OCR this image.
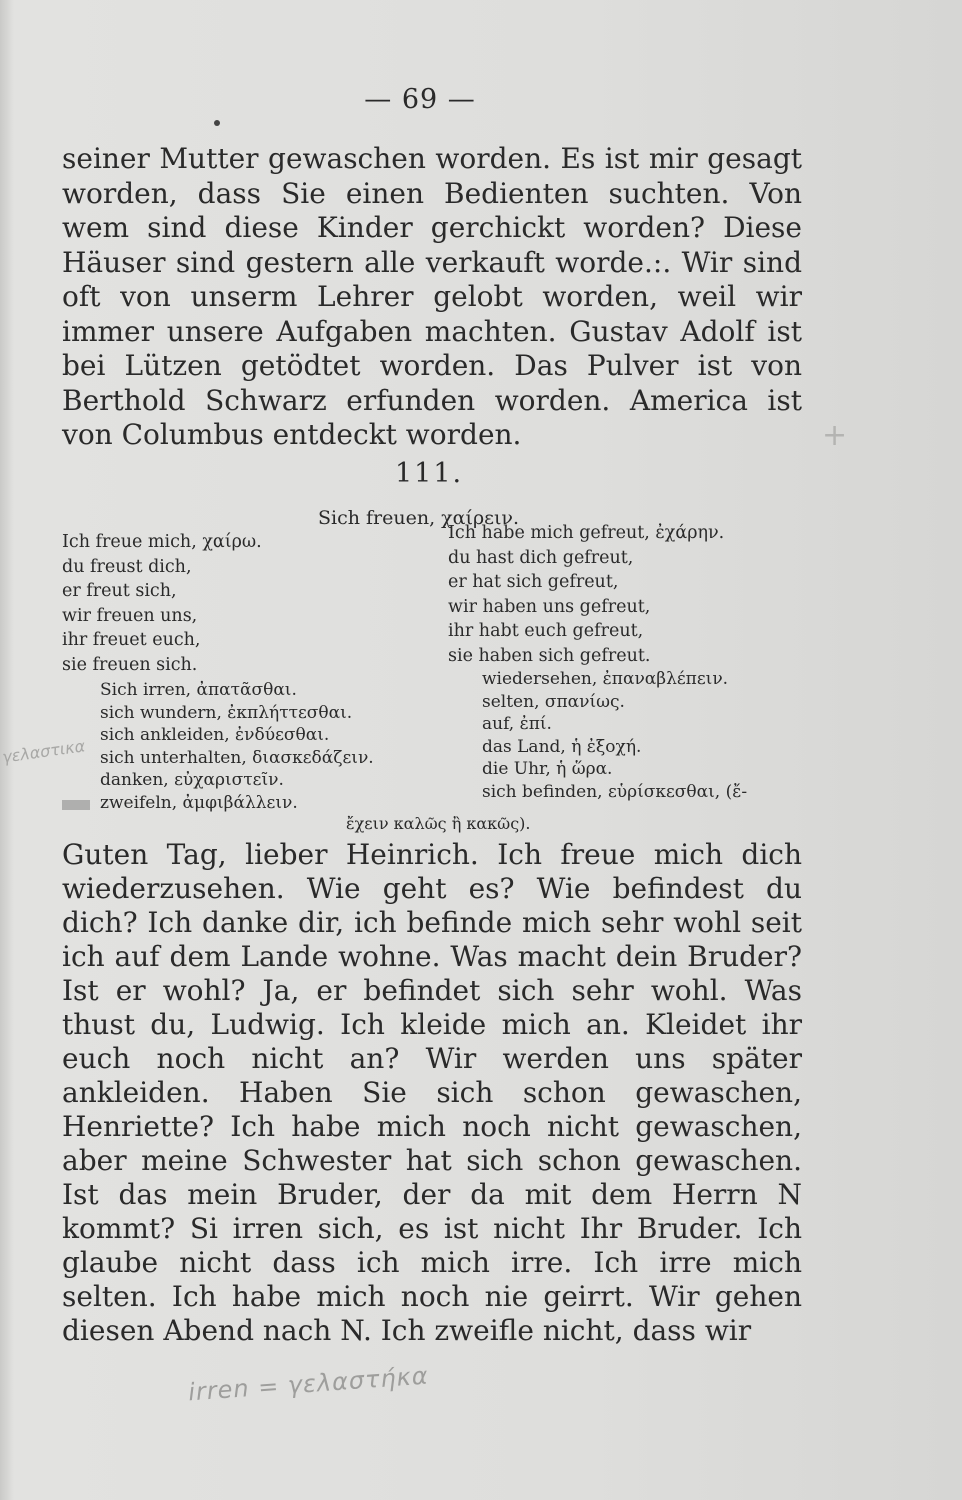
— 69 —
seiner Mutter gewaschen worden. Es ist mir gesagt worden, dass Sie einen Bedienten suchten. Von wem sind diese Kinder gerchickt worden? Diese Häuser sind gestern alle verkauft worde.:. Wir sind oft von unserm Lehrer gelobt worden, weil wir immer unsere Aufgaben machten. Gustav Adolf ist bei Lützen getödtet worden. Das Pulver ist von Berthold Schwarz erfunden worden. America ist von Columbus entdeckt worden.	+
111.
Sich freuen, χαίρειν.
Ich freue mich, χαίρω.
du freust dich,
er freut sich,
wir freuen uns,
ihr freuet euch,
sie freuen sich.
Ich habe mich gefreut, ἐχάρην.
du hast dich gefreut,
er hat sich gefreut,
wir haben uns gefreut,
ihr habt euch gefreut,
sie haben sich gefreut.
Sich irren, ἀπατᾶσθαι.
sich wundern, ἐκπλήττεσθαι.
sich ankleiden, ἐνδύεσθαι.
sich unterhalten, διασκεδάζειν.
danken, εὐχαριστεῖν.
zweifeln, ἀμφιβάλλειν.
wiedersehen, ἐπαναβλέπειν.
selten, σπανίως.
auf, ἐπί.
das Land, ἡ ἐξοχή.
die Uhr, ἡ ὥρα.
sich befinden, εὑρίσκεσθαι, (ἔ-
ἔχειν καλῶς ἢ κακῶς).
Guten Tag, lieber Heinrich. Ich freue mich dich wiederzusehen. Wie geht es? Wie befindest du dich? Ich danke dir, ich befinde mich sehr wohl seit ich auf dem Lande wohne. Was macht dein Bruder? Ist er wohl? Ja, er befindet sich sehr wohl. Was thust du, Ludwig. Ich kleide mich an. Kleidet ihr euch noch nicht an? Wir werden uns später ankleiden. Haben Sie sich schon gewaschen, Henriette? Ich habe mich noch nicht gewaschen, aber meine Schwester hat sich schon gewaschen. Ist das mein Bruder, der da mit dem Herrn N kommt? Si irren sich, es ist nicht Ihr Bruder. Ich glaube nicht dass ich mich irre. Ich irre mich selten. Ich habe mich noch nie geirrt. Wir gehen diesen Abend nach N. Ich zweifle nicht, dass wir
γελαστικα
irren = γελαστήκα
